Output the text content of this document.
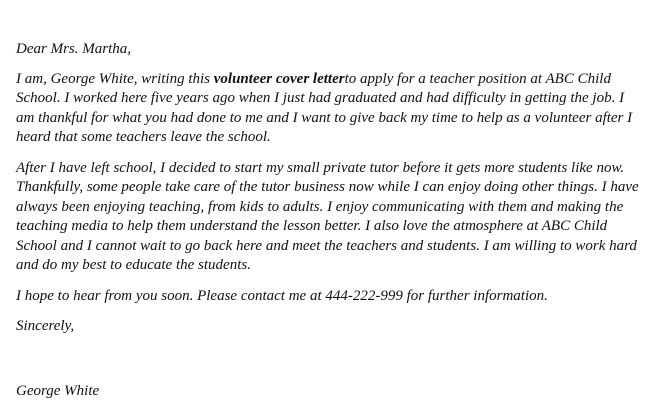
Dear Mrs. Martha,

I am, George White, writing this volunteer cover letterto apply for a teacher position at ABC Child School. I worked here five years ago when I just had graduated and had difficulty in getting the job. I am thankful for what you had done to me and I want to give back my time to help as a volunteer after I heard that some teachers leave the school.

After I have left school, I decided to start my small private tutor before it gets more students like now. Thankfully, some people take care of the tutor business now while I can enjoy doing other things. I have always been enjoying teaching, from kids to adults. I enjoy communicating with them and making the teaching media to help them understand the lesson better. I also love the atmosphere at ABC Child School and I cannot wait to go back here and meet the teachers and students. I am willing to work hard and do my best to educate the students.

I hope to hear from you soon. Please contact me at 444-222-999 for further information.

Sincerely,

George White
